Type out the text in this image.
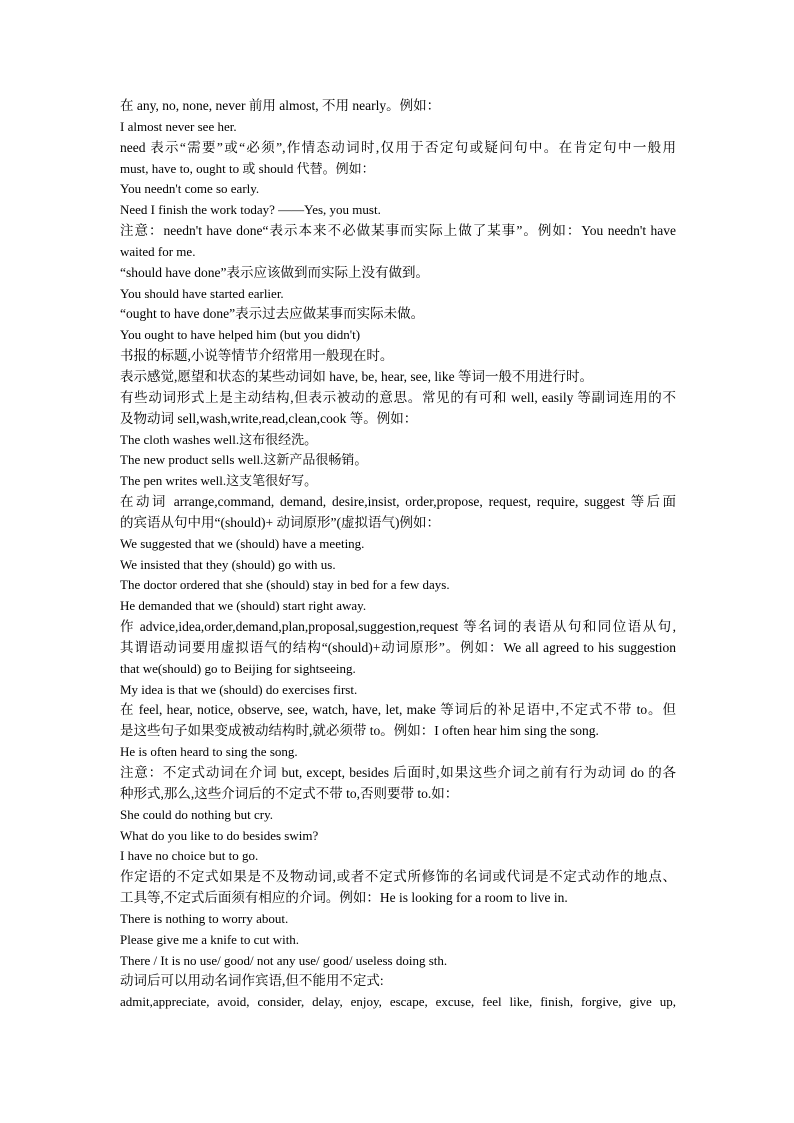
在 any, no, none, never 前用 almost, 不用 nearly。例如：
I almost never see her.
need 表示“需要”或“必须”,作情态动词时,仅用于否定句或疑问句中。在肯定句中一般用
must, have to, ought to 或 should 代替。例如：
You needn't come so early.
Need I finish the work today? ——Yes, you must.
注意：needn't have done“表示本来不必做某事而实际上做了某事”。例如：You needn't have
waited for me.
“should have done”表示应该做到而实际上没有做到。
You should have started earlier.
“ought to have done”表示过去应做某事而实际未做。
You ought to have helped him (but you didn't)
书报的标题,小说等情节介绍常用一般现在时。
表示感觉,愿望和状态的某些动词如 have, be, hear, see, like 等词一般不用进行时。
有些动词形式上是主动结构,但表示被动的意思。常见的有可和 well, easily 等副词连用的不
及物动词 sell,wash,write,read,clean,cook 等。例如：
The cloth washes well.这布很经洗。
The new product sells well.这新产品很畅销。
The pen writes well.这支笔很好写。
在动词 arrange,command, demand, desire,insist, order,propose, request, require, suggest 等后面
的宾语从句中用“(should)+ 动词原形”(虚拟语气)例如：
We suggested that we (should) have a meeting.
We insisted that they (should) go with us.
The doctor ordered that she (should) stay in bed for a few days.
He demanded that we (should) start right away.
作 advice,idea,order,demand,plan,proposal,suggestion,request 等名词的表语从句和同位语从句,
其谓语动词要用虚拟语气的结构“(should)+动词原形”。例如：We all agreed to his suggestion
that we(should) go to Beijing for sightseeing.
My idea is that we (should) do exercises first.
在 feel, hear, notice, observe, see, watch, have, let, make 等词后的补足语中,不定式不带 to。但
是这些句子如果变成被动结构时,就必须带 to。例如：I often hear him sing the song.
He is often heard to sing the song.
注意：不定式动词在介词 but, except, besides 后面时,如果这些介词之前有行为动词 do 的各
种形式,那么,这些介词后的不定式不带 to,否则要带 to.如：
She could do nothing but cry.
What do you like to do besides swim?
I have no choice but to go.
作定语的不定式如果是不及物动词,或者不定式所修饰的名词或代词是不定式动作的地点、
工具等,不定式后面须有相应的介词。例如：He is looking for a room to live in.
There is nothing to worry about.
Please give me a knife to cut with.
There / It is no use/ good/ not any use/ good/ useless doing sth.
动词后可以用动名词作宾语,但不能用不定式:
admit,appreciate, avoid, consider, delay, enjoy, escape, excuse, feel like, finish, forgive, give up,
